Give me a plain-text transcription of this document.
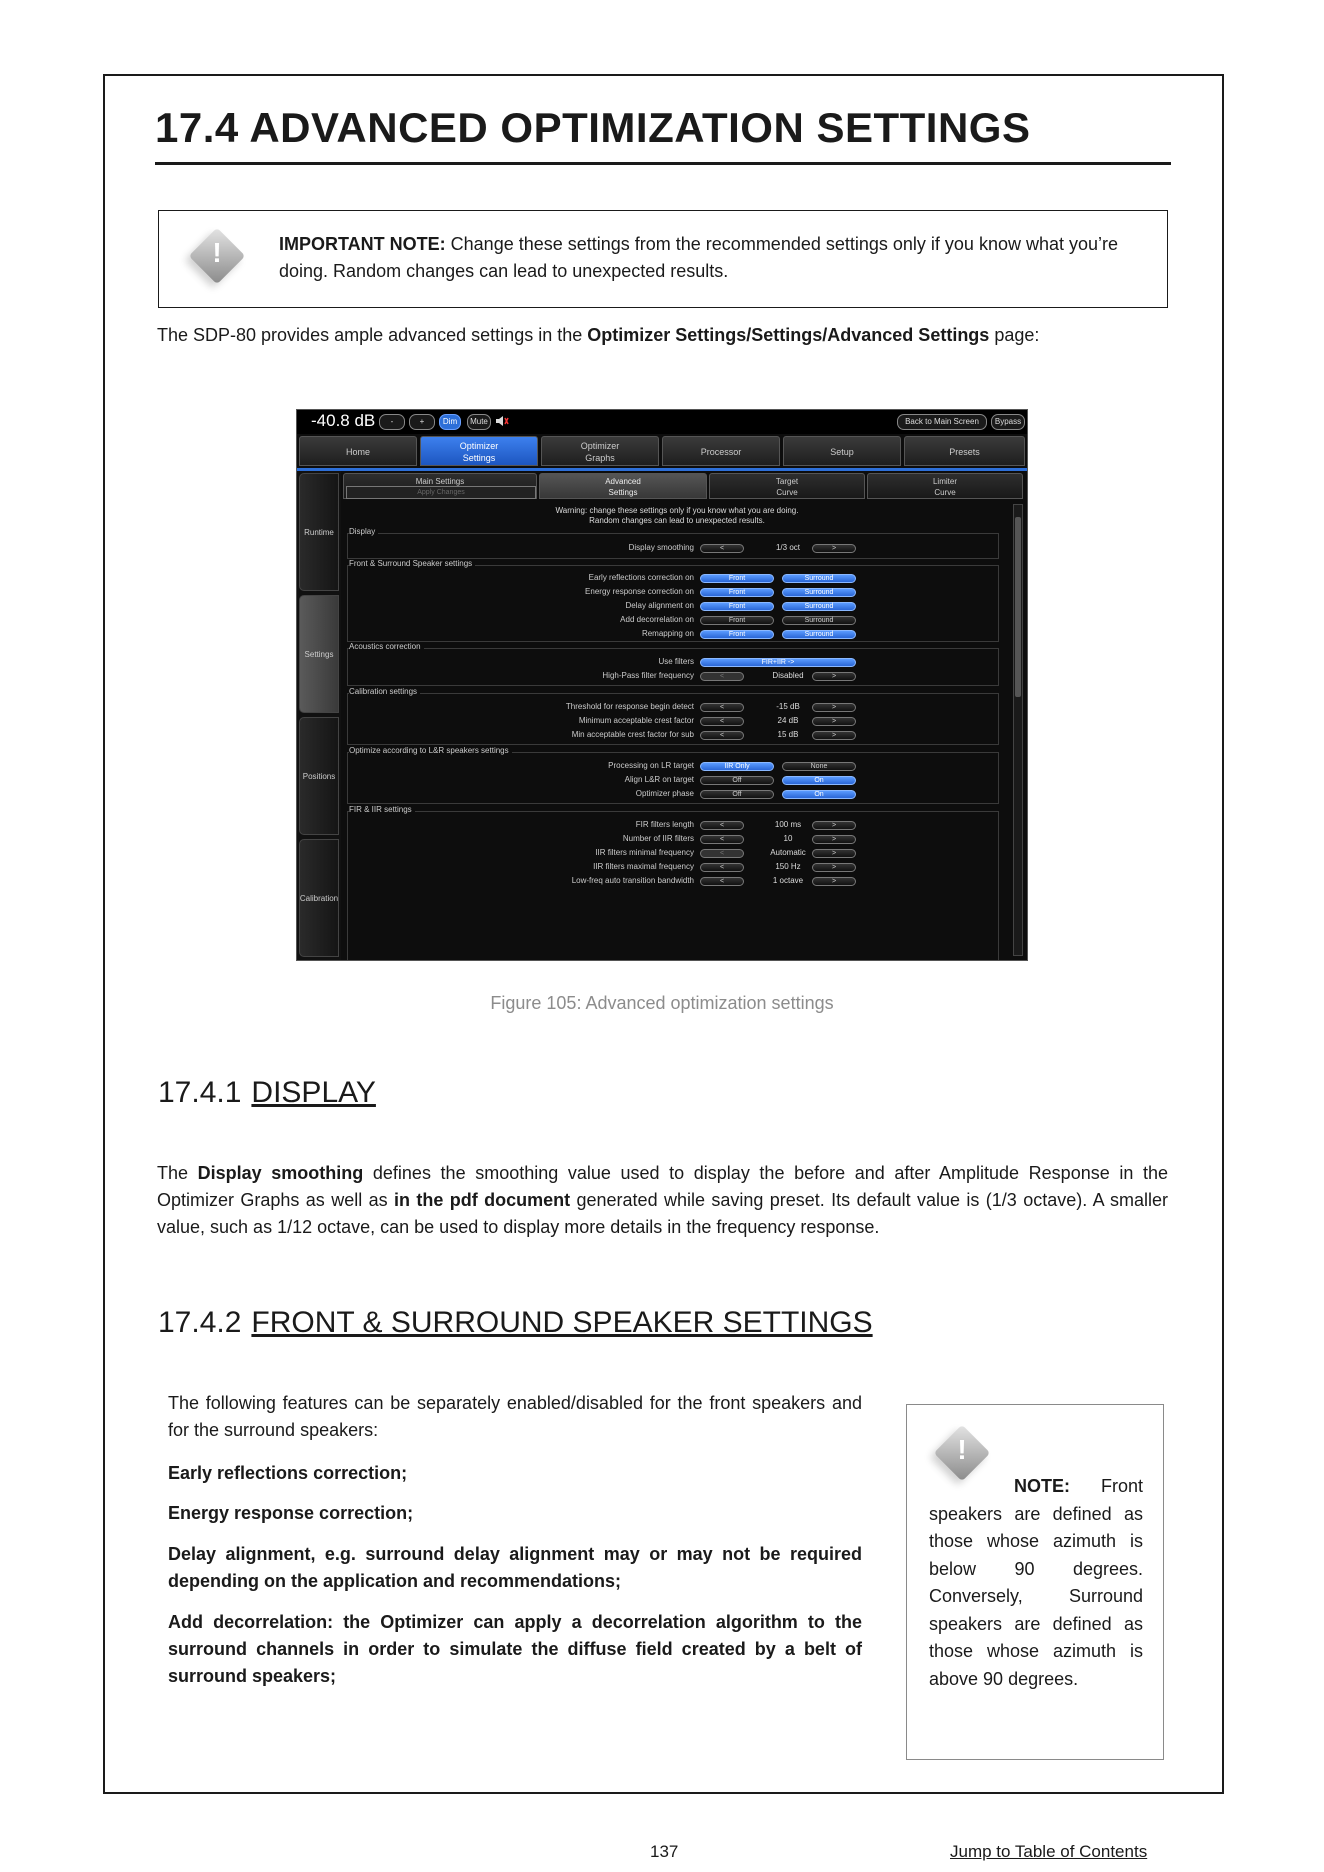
17.4 ADVANCED OPTIMIZATION SETTINGS
!	IMPORTANT NOTE: Change these settings from the recommended settings only if you know what you’re doing. Random changes can lead to unexpected results.
The SDP-80 provides ample advanced settings in the Optimizer Settings/Settings/Advanced Settings page:
-40.8 dB	-	+	Dim	Mute	Back to Main Screen	Bypass
Home
Optimizer
Settings
Optimizer
Graphs
Processor	Setup	Presets
Runtime
Settings
Positions
Calibration
Main Settings
Apply Changes
Advanced
Settings
Target
Curve
Limiter
Curve
Warning: change these settings only if you know what you are doing.
Random changes can lead to unexpected results.
Display
Display smoothing	<	1/3 oct	>
Front & Surround Speaker settings
Early reflections correction on	Front	Surround
Energy response correction on	Front	Surround
Delay alignment on	Front	Surround
Add decorrelation on	Front	Surround
Remapping on	Front	Surround
Acoustics correction
Use filters	FIR+IIR ->
High-Pass filter frequency	<	Disabled	>
Calibration settings
Threshold for response begin detect	<	-15 dB	>
Minimum acceptable crest factor	<	24 dB	>
Min acceptable crest factor for sub	<	15 dB	>
Optimize according to L&R speakers settings
Processing on LR target	IIR Only	None
Align L&R on target	Off	On
Optimizer phase	Off	On
FIR & IIR settings
FIR filters length	<	100 ms	>
Number of IIR filters	<	10	>
IIR filters minimal frequency	<	Automatic	>
IIR filters maximal frequency	<	150 Hz	>
Low-freq auto transition bandwidth	<	1 octave	>
Figure 105: Advanced optimization settings
17.4.1 DISPLAY
The Display smoothing defines the smoothing value used to display the before and after Amplitude Response in the Optimizer Graphs as well as in the pdf document generated while saving preset. Its default value is (1/3 octave). A smaller value, such as 1/12 octave, can be used to display more details in the frequency response.
17.4.2 FRONT & SURROUND SPEAKER SETTINGS
The following features can be separately enabled/disabled for the front speakers and for the surround speakers:
Early reflections correction;
Energy response correction;
Delay alignment, e.g. surround delay alignment may or may not be required depending on the application and recommendations;
Add decorrelation: the Optimizer can apply a decorrelation algorithm to the surround channels in order to simulate the diffuse field created by a belt of surround speakers;
!
NOTE: Front speakers are defined as those whose azimuth is below 90 degrees. Conversely, Surround speakers are defined as those whose azimuth is above 90 degrees.
137	Jump to Table of Contents
